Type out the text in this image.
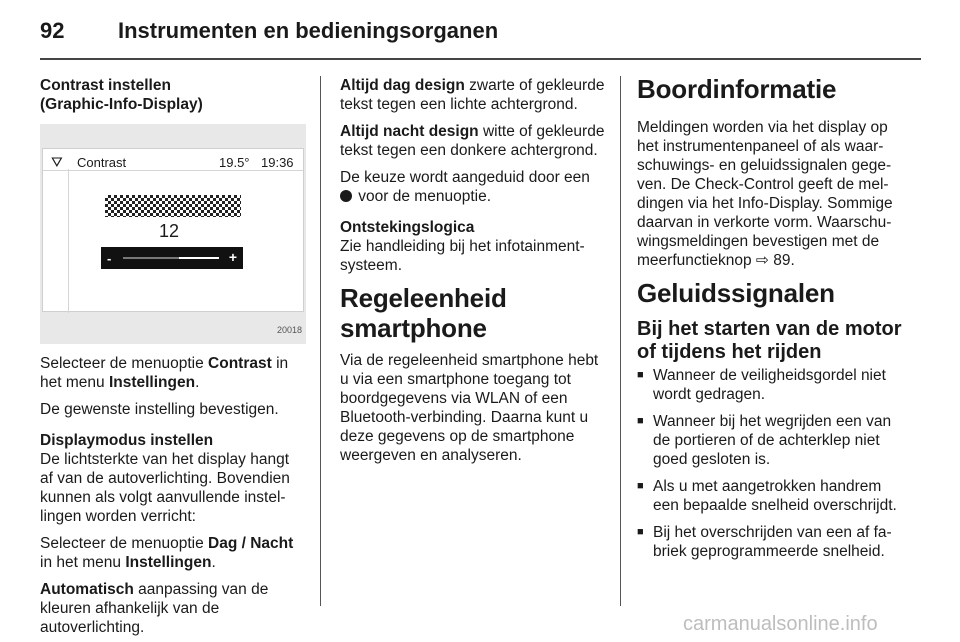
92 Instrumenten en bedieningsorganen
Contrast instellen
(Graphic-Info-Display)
⛛ Contrast	19.5° 19:36
12
-	+
20018

Selecteer de menuoptie Contrast in het menu Instellingen.

De gewenste instelling bevestigen.

Displaymodus instellen

De lichtsterkte van het display hangt af van de autoverlichting. Bovendien kunnen als volgt aanvullende instellingen worden verricht:

Selecteer de menuoptie Dag / Nacht in het menu Instellingen.

Automatisch aanpassing van de kleuren afhankelijk van de autoverlichting.

Altijd dag design zwarte of gekleurde tekst tegen een lichte achtergrond.

Altijd nacht design witte of gekleurde tekst tegen een donkere achtergrond.

De keuze wordt aangeduid door een  voor de menuoptie.

Ontstekingslogica

Zie handleiding bij het infotainmentsysteem.

Regeleenheid smartphone

Via de regeleenheid smartphone hebt u via een smartphone toegang tot boordgegevens via WLAN of een Bluetooth-verbinding. Daarna kunt u deze gegevens op de smartphone weergeven en analyseren.

Boordinformatie

Meldingen worden via het display op het instrumentenpaneel of als waarschuwings- en geluidssignalen gegeven. De Check-Control geeft de meldingen via het Info-Display. Sommige daarvan in verkorte vorm. Waarschuwingsmeldingen bevestigen met de meerfunctieknop ⇨ 89.

Geluidssignalen
Bij het starten van de motor of tijdens het rijden
■ Wanneer de veiligheidsgordel niet wordt gedragen.
■ Wanneer bij het wegrijden een van de portieren of de achterklep niet goed gesloten is.
■ Als u met aangetrokken handrem een bepaalde snelheid overschrijdt.
■ Bij het overschrijden van een af fabriek geprogrammeerde snelheid.
carmanualsonline.info
